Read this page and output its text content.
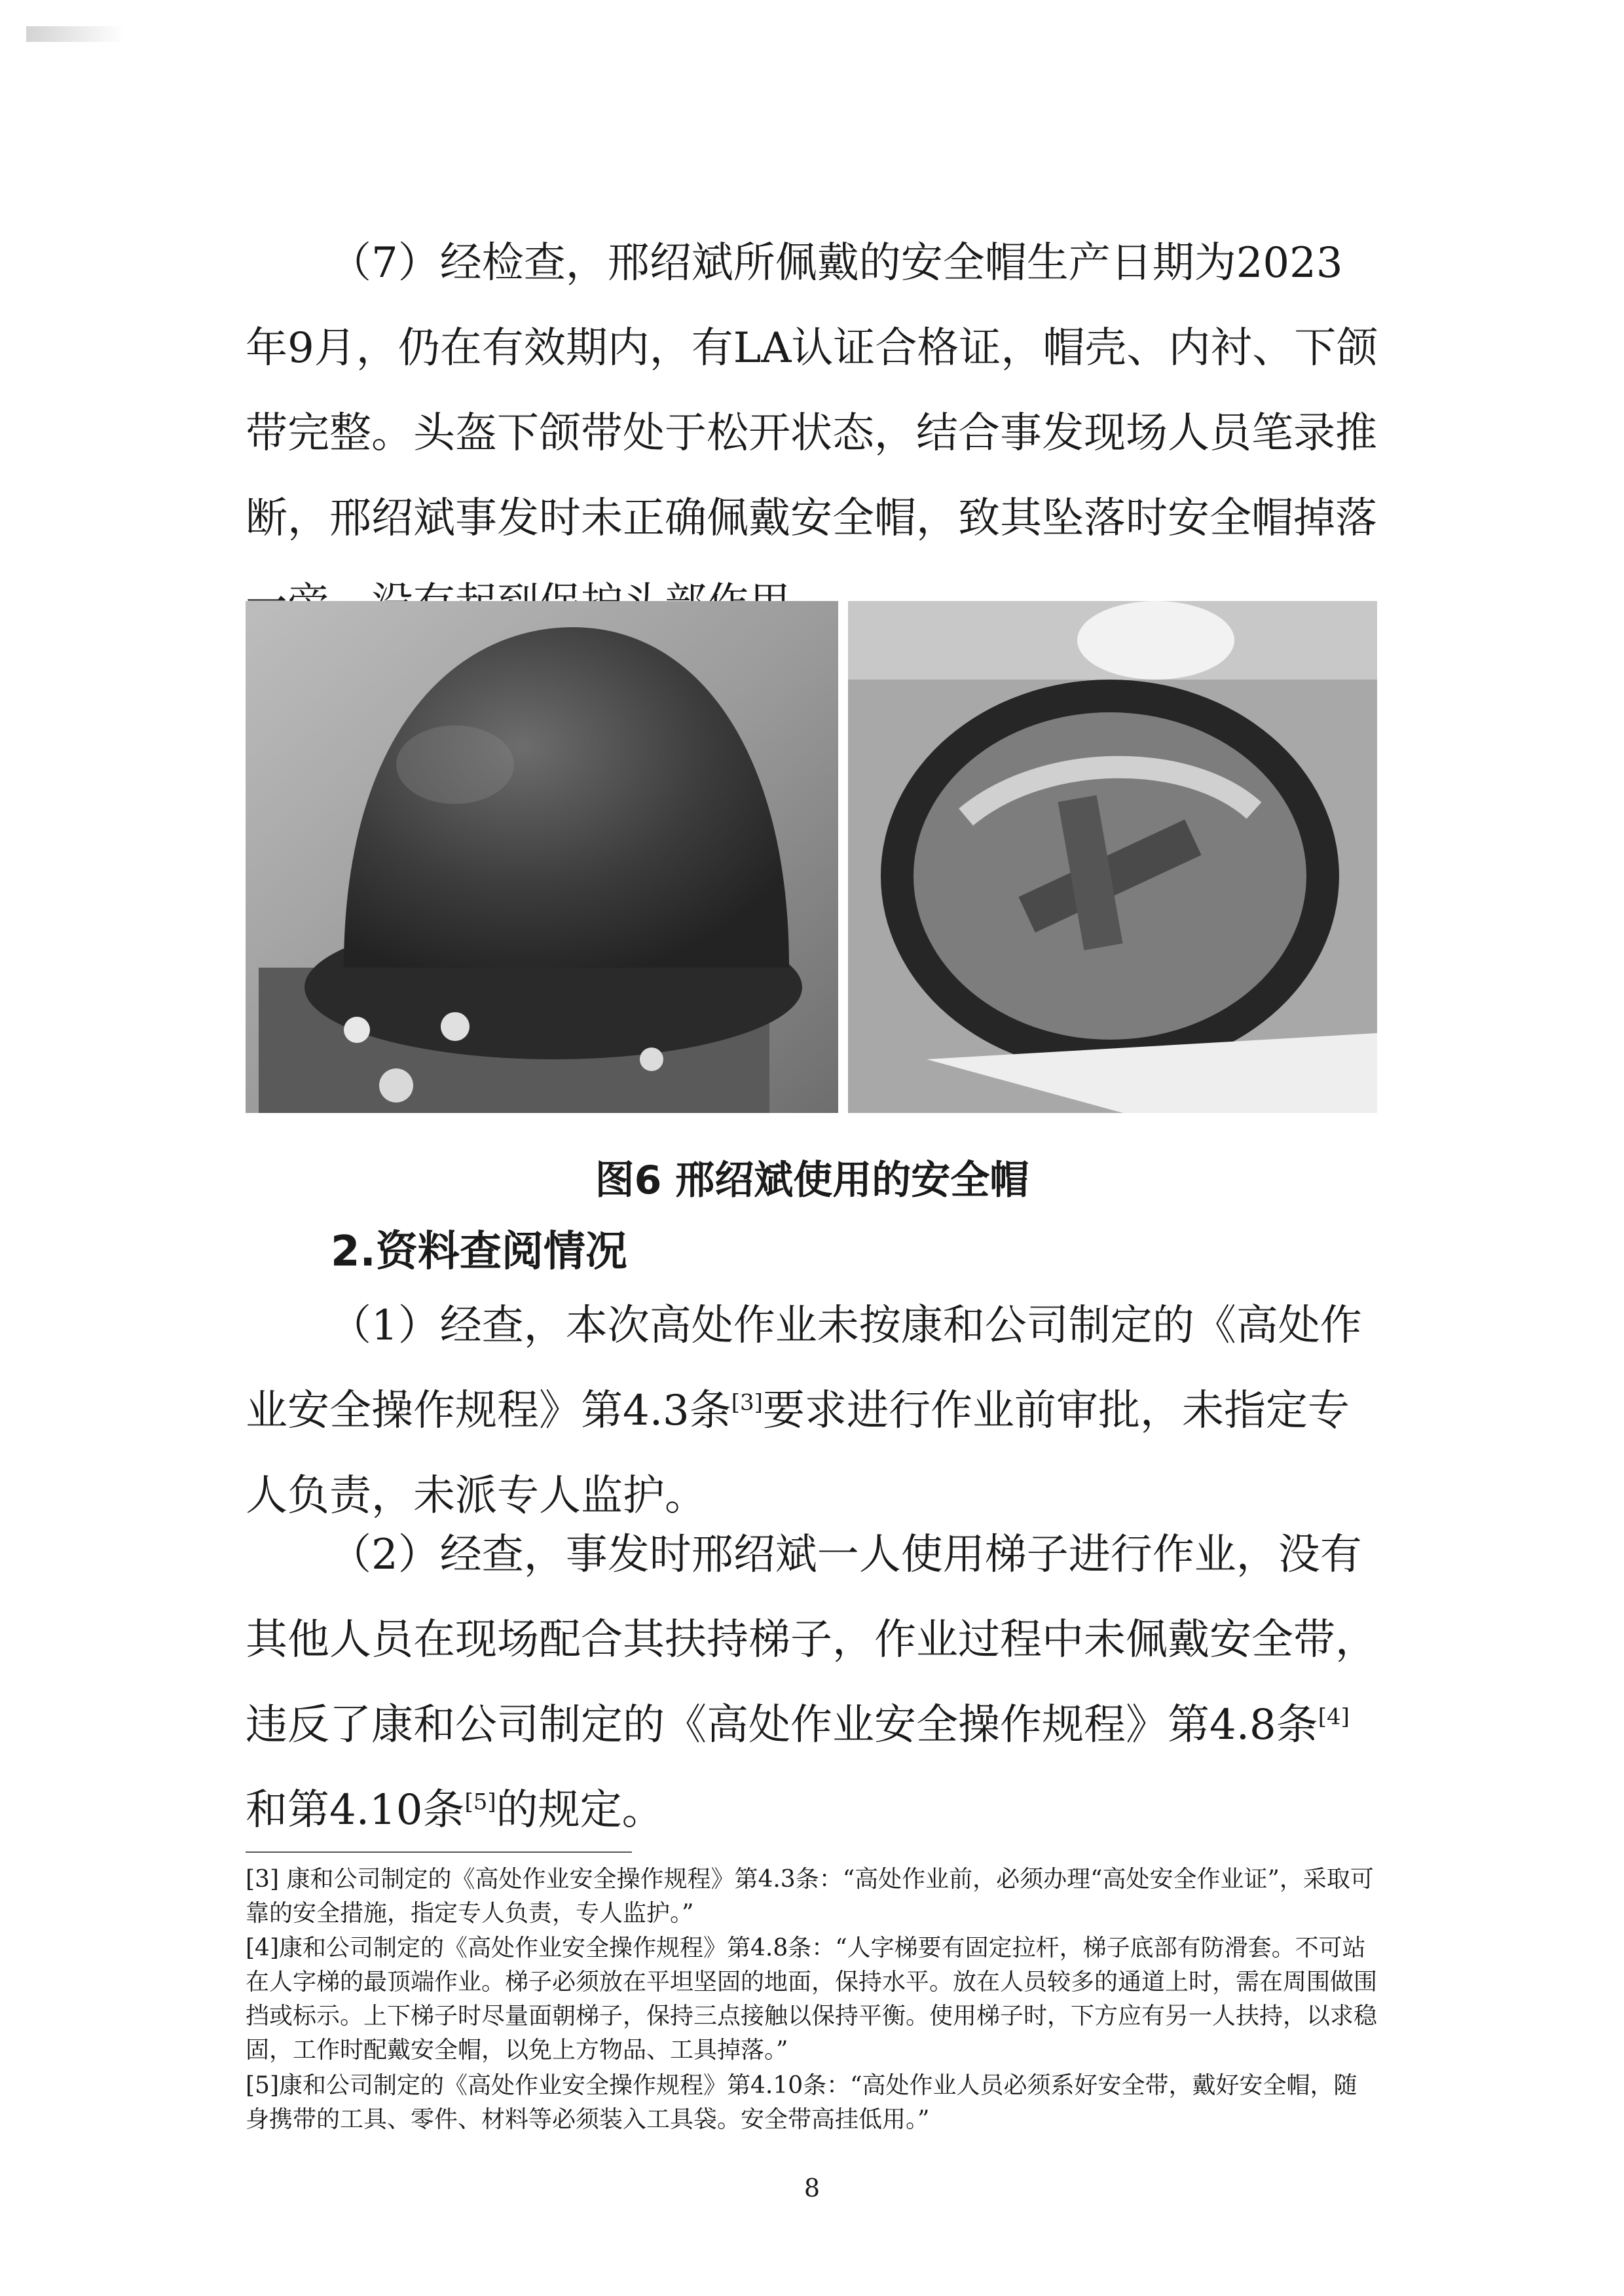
（7）经检查，邢绍斌所佩戴的安全帽生产日期为2023年9月，仍在有效期内，有LA认证合格证，帽壳、内衬、下颌带完整。头盔下颌带处于松开状态，结合事发现场人员笔录推断，邢绍斌事发时未正确佩戴安全帽，致其坠落时安全帽掉落

图6 邢绍斌使用的安全帽
2.资料查阅情况

（1）经查，本次高处作业未按康和公司制定的《高处作业安全操作规程》第4.3条[3]要求进行作业前审批，未指定专人负责，未派专人监护。

（2）经查，事发时邢绍斌一人使用梯子进行作业，没有其他人员在现场配合其扶持梯子，作业过程中未佩戴安全带，违反了康和公司制定的《高处作业安全操作规程》第4.8条[4]和第4.10条[5]的规定。

[3] 康和公司制定的《高处作业安全操作规程》第4.3条：“高处作业前，必须办理“高处安全作业证”，采取可靠的安全措施，指定专人负责，专人监护。”

[4]康和公司制定的《高处作业安全操作规程》第4.8条：“人字梯要有固定拉杆，梯子底部有防滑套。不可站在人字梯的最顶端作业。梯子必须放在平坦坚固的地面，保持水平。放在人员较多的通道上时，需在周围做围挡或标示。上下梯子时尽量面朝梯子，保持三点接触以保持平衡。使用梯子时，下方应有另一人扶持，以求稳固，工作时配戴安全帽，以免上方物品、工具掉落。”

[5]康和公司制定的《高处作业安全操作规程》第4.10条：“高处作业人员必须系好安全带，戴好安全帽，随身携带的工具、零件、材料等必须装入工具袋。安全带高挂低用。”

8
